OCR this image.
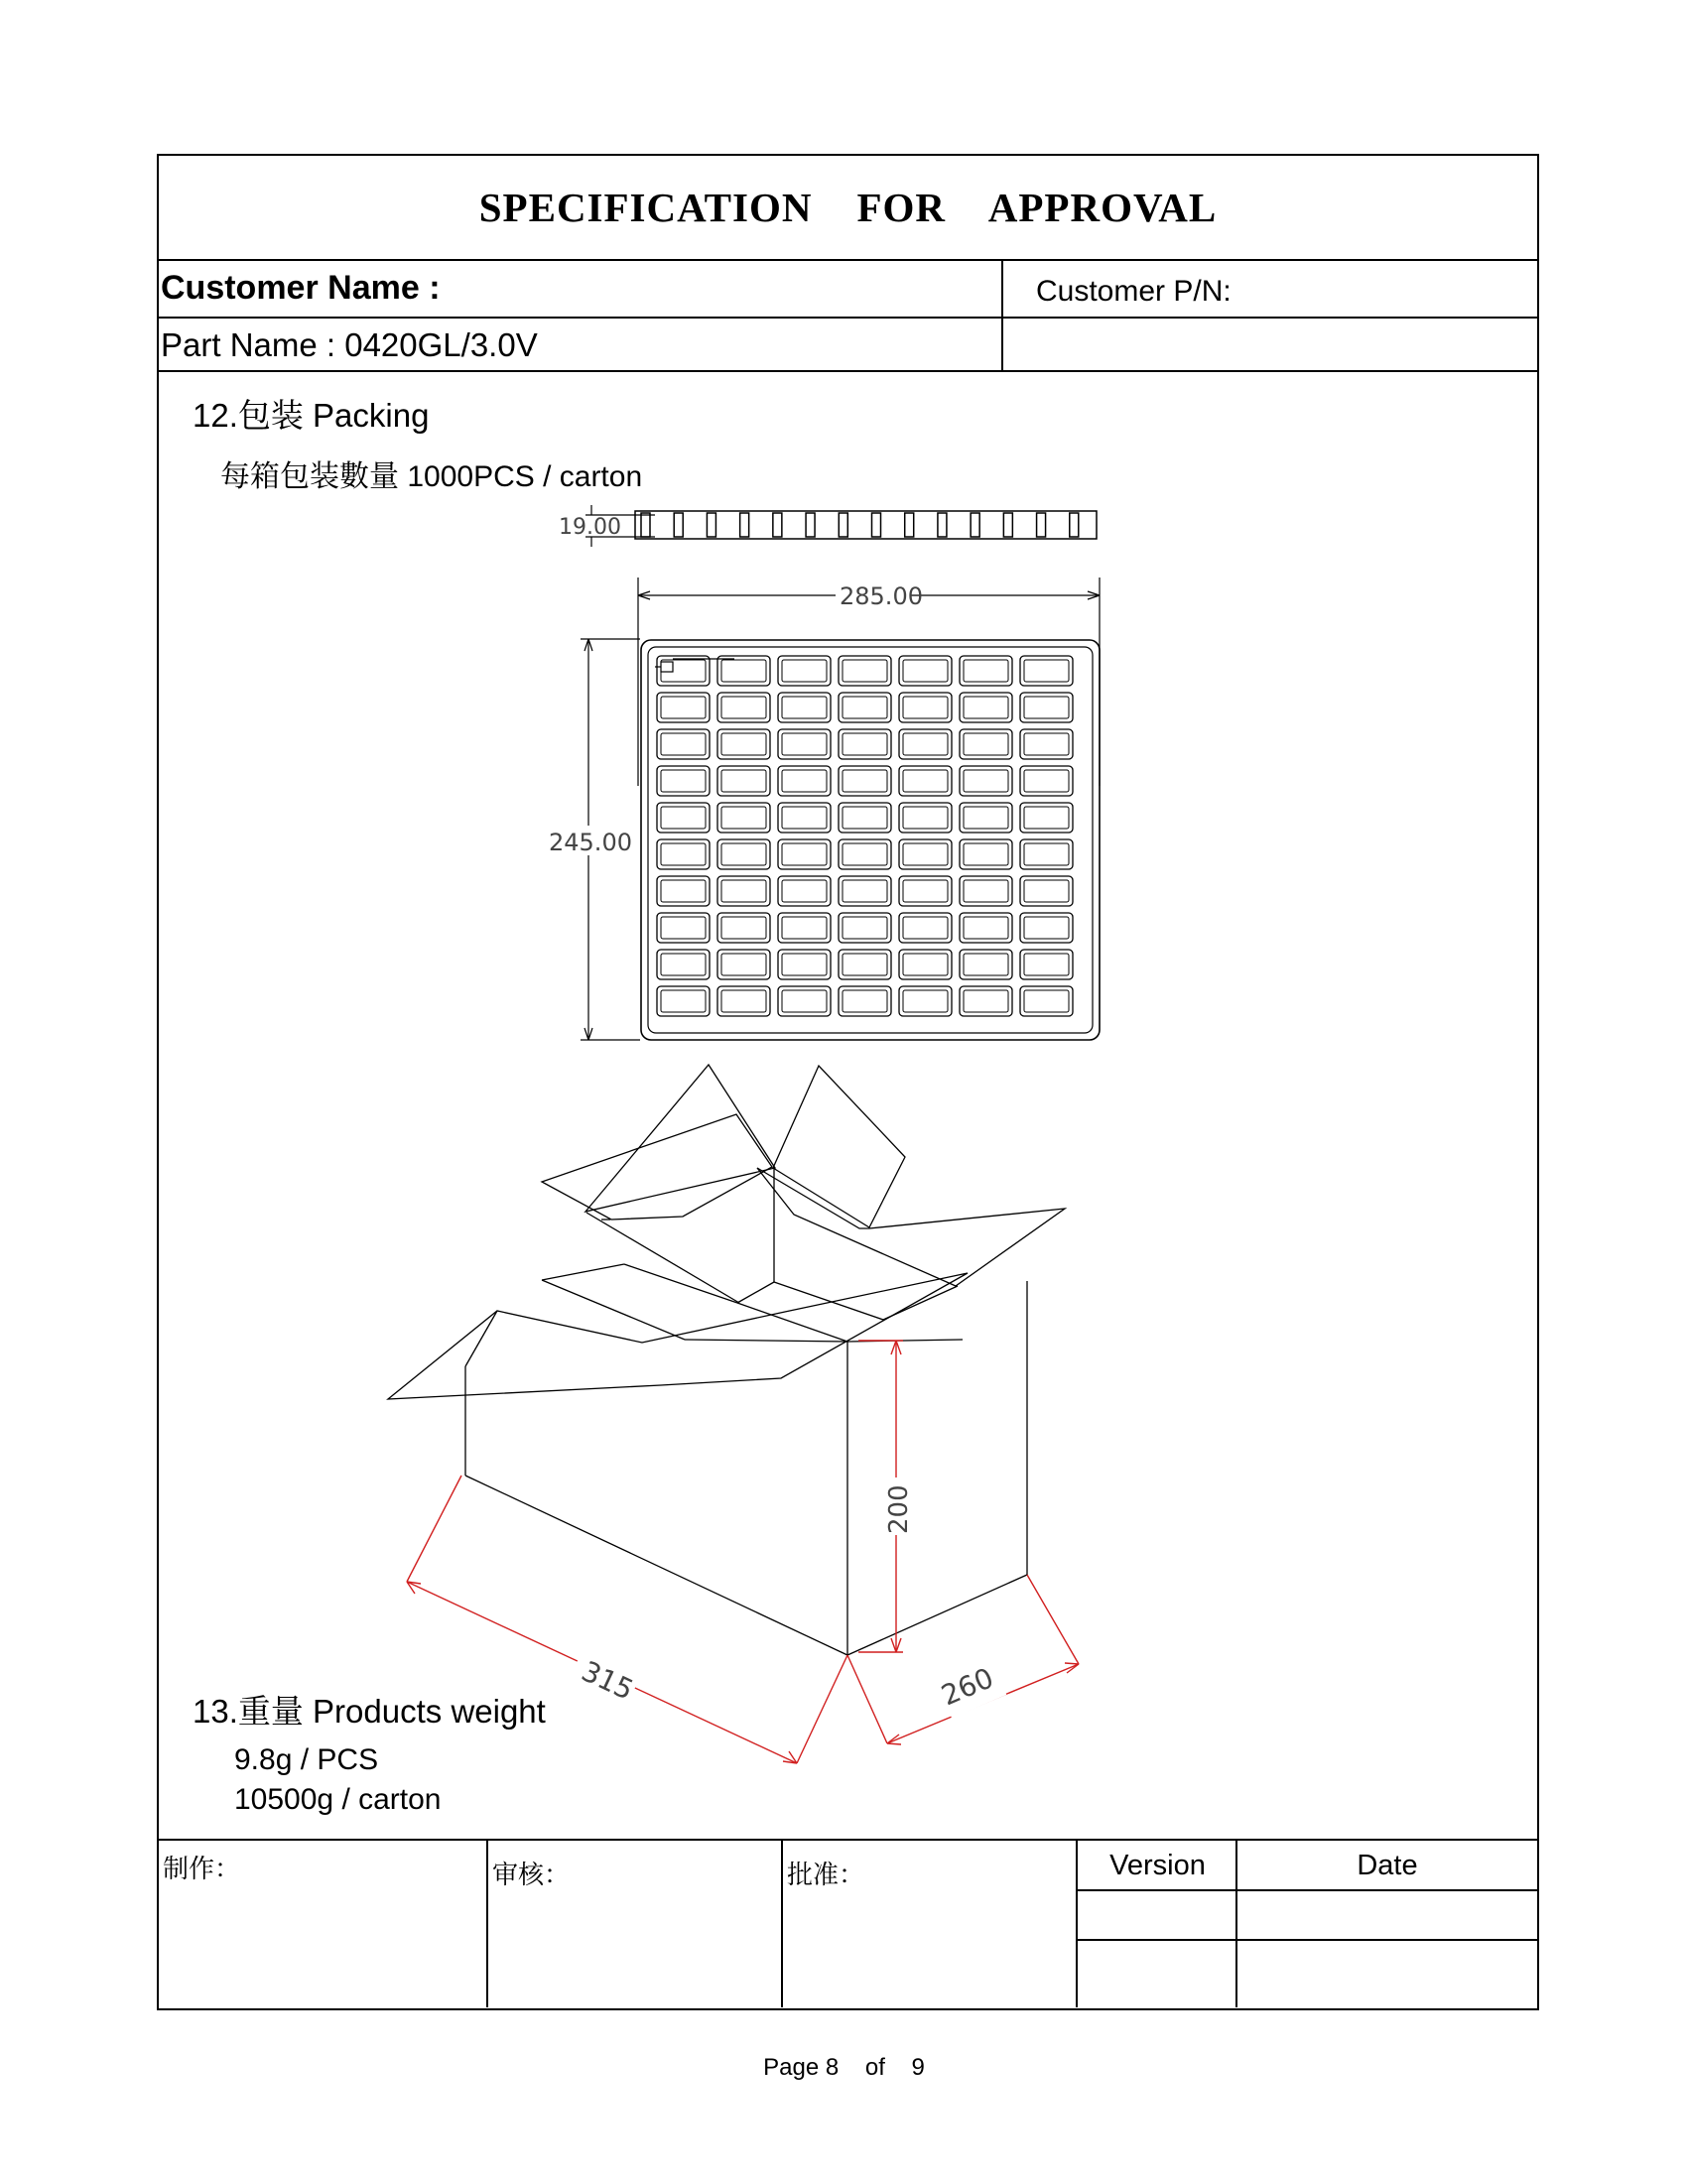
SPECIFICATION    FOR    APPROVAL
Customer Name :	Customer P/N:
Part Name : 0420GL/3.0V
12.包装 Packing
每箱包装數量 1000PCS / carton
19.00
285.00
245.00
200
315	260
13.重量 Products weight
9.8g / PCS
10500g / carton
制作：	审核：	批准：	Version	Date
Page 8    of    9
